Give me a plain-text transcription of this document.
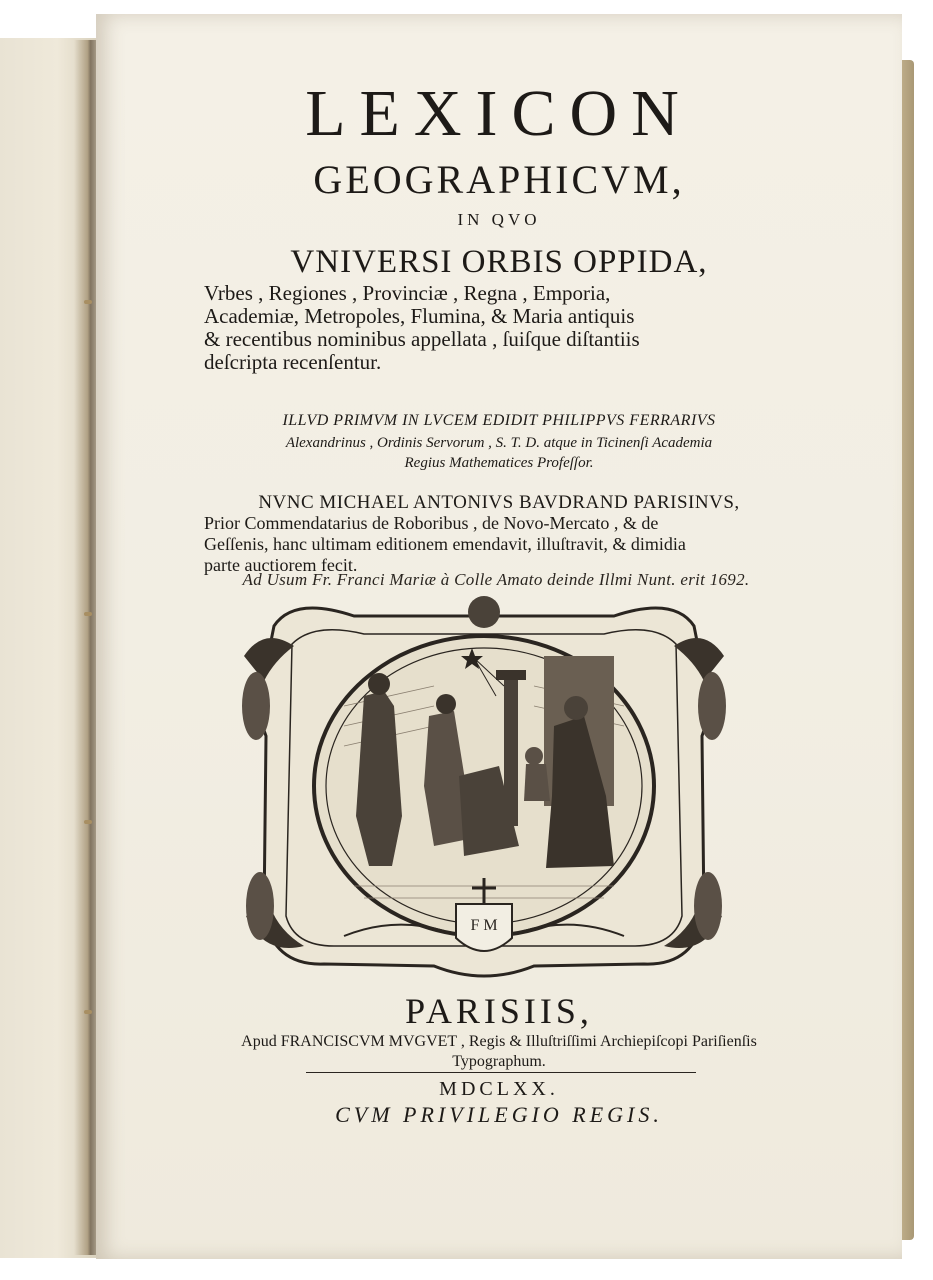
LEXICON
GEOGRAPHICVM,
IN QVO
VNIVERSI ORBIS OPPIDA,
Vrbes , Regiones , Provinciæ , Regna , Emporia,
Academiæ, Metropoles, Flumina, & Maria antiquis
& recentibus nominibus appellata , ſuiſque diſtantiis
deſcripta recenſentur.
ILLVD PRIMVM IN LVCEM EDIDIT PHILIPPVS FERRARIVS
Alexandrinus , Ordinis Servorum , S. T. D. atque in Ticinenſi Academia
Regius Mathematices Profeſſor.
NVNC MICHAEL ANTONIVS BAVDRAND PARISINVS,
Prior Commendatarius de Roboribus , de Novo-Mercato , & de
Geſſenis, hanc ultimam editionem emendavit, illuſtravit, & dimidia
parte auctiorem fecit.
Ad Usum Fr. Franci Mariæ à Colle Amato deinde Illmi Nunt. erit 1692.
F M
PARISIIS,
Apud FRANCISCVM MVGVET , Regis & Illuſtriſſimi Archiepiſcopi Pariſienſis
Typographum.
MDCLXX.
CVM PRIVILEGIO REGIS.
